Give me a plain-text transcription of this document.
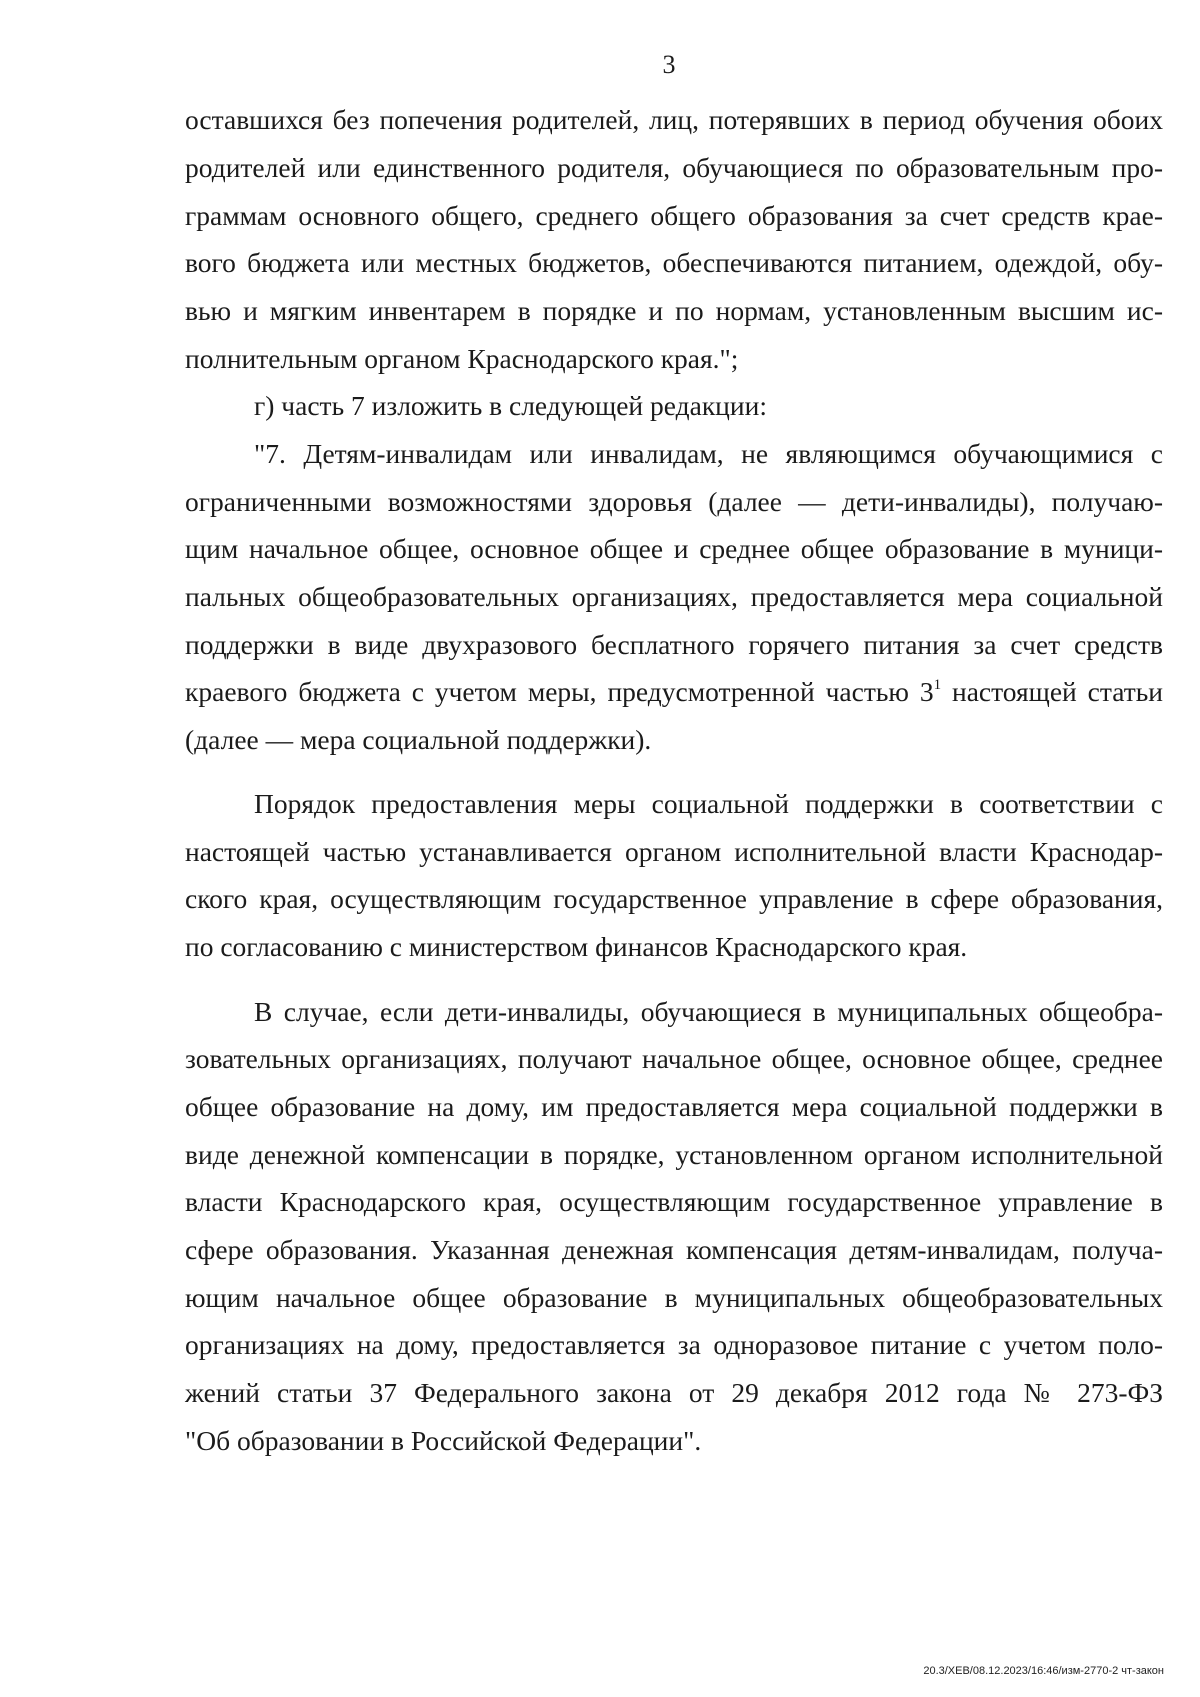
3
оставшихся без попечения родителей, лиц, потерявших в период обучения обоих
родителей или единственного родителя, обучающиеся по образовательным про-
граммам основного общего, среднего общего образования за счет средств крае-
вого бюджета или местных бюджетов, обеспечиваются питанием, одеждой, обу-
вью и мягким инвентарем в порядке и по нормам, установленным высшим ис-
полнительным органом Краснодарского края.";
г) часть 7 изложить в следующей редакции:
"7. Детям-инвалидам или инвалидам, не являющимся обучающимися с
ограниченными возможностями здоровья (далее — дети-инвалиды), получаю-
щим начальное общее, основное общее и среднее общее образование в муници-
пальных общеобразовательных организациях, предоставляется мера социальной
поддержки в виде двухразового бесплатного горячего питания за счет средств
краевого бюджета с учетом меры, предусмотренной частью $3^1$ настоящей статьи
(далее — мера социальной поддержки).
Порядок предоставления меры социальной поддержки в соответствии с
настоящей частью устанавливается органом исполнительной власти Краснодар-
ского края, осуществляющим государственное управление в сфере образования,
по согласованию с министерством финансов Краснодарского края.
В случае, если дети-инвалиды, обучающиеся в муниципальных общеобра-
зовательных организациях, получают начальное общее, основное общее, среднее
общее образование на дому, им предоставляется мера социальной поддержки в
виде денежной компенсации в порядке, установленном органом исполнительной
власти Краснодарского края, осуществляющим государственное управление в
сфере образования. Указанная денежная компенсация детям-инвалидам, получа-
ющим начальное общее образование в муниципальных общеобразовательных
организациях на дому, предоставляется за одноразовое питание с учетом поло-
жений статьи 37 Федерального закона от 29 декабря 2012 года № 273-ФЗ
"Об образовании в Российской Федерации".
20.3/ХЕВ/08.12.2023/16:46/изм-2770-2 чт-закон
